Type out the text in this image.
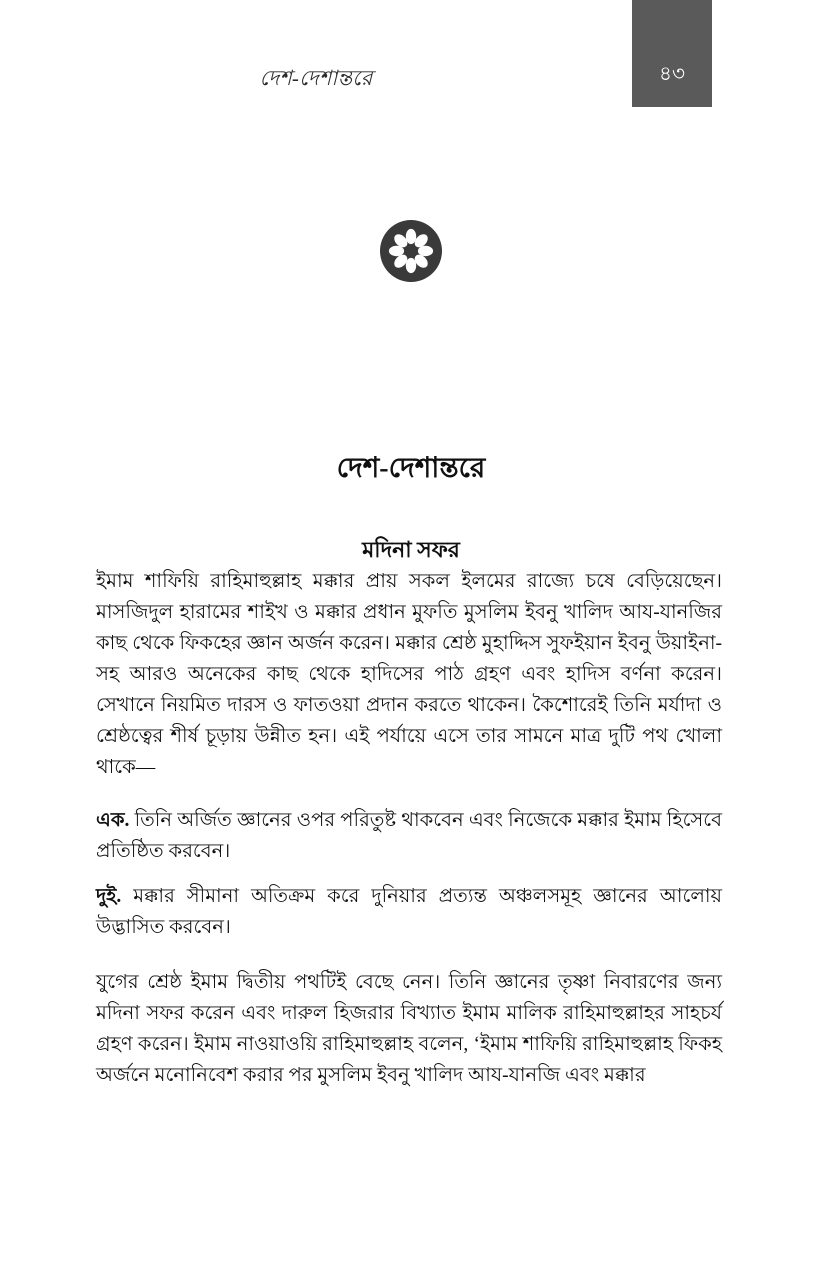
দেশ-দেশান্তরে	৪৩
দেশ-দেশান্তরে
মদিনা সফর

ইমাম শাফিয়ি রাহিমাহুল্লাহ মক্কার প্রায় সকল ইলমের রাজ্যে চষে বেড়িয়েছেন। মাসজিদুল হারামের শাইখ ও মক্কার প্রধান মুফতি মুসলিম ইবনু খালিদ আয-যানজির কাছ থেকে ফিকহের জ্ঞান অর্জন করেন। মক্কার শ্রেষ্ঠ মুহাদ্দিস সুফইয়ান ইবনু উয়াইনা-সহ আরও অনেকের কাছ থেকে হাদিসের পাঠ গ্রহণ এবং হাদিস বর্ণনা করেন। সেখানে নিয়মিত দারস ও ফাতওয়া প্রদান করতে থাকেন। কৈশোরেই তিনি মর্যাদা ও শ্রেষ্ঠত্বের শীর্ষ চূড়ায় উন্নীত হন। এই পর্যায়ে এসে তার সামনে মাত্র দুটি পথ খোলা থাকে—

এক. তিনি অর্জিত জ্ঞানের ওপর পরিতুষ্ট থাকবেন এবং নিজেকে মক্কার ইমাম হিসেবে প্রতিষ্ঠিত করবেন।

দুই. মক্কার সীমানা অতিক্রম করে দুনিয়ার প্রত্যন্ত অঞ্চলসমূহ জ্ঞানের আলোয় উদ্ভাসিত করবেন।

যুগের শ্রেষ্ঠ ইমাম দ্বিতীয় পথটিই বেছে নেন। তিনি জ্ঞানের তৃষ্ণা নিবারণের জন্য মদিনা সফর করেন এবং দারুল হিজরার বিখ্যাত ইমাম মালিক রাহিমাহুল্লাহর সাহচর্য গ্রহণ করেন। ইমাম নাওয়াওয়ি রাহিমাহুল্লাহ বলেন, ‘ইমাম শাফিয়ি রাহিমাহুল্লাহ ফিকহ অর্জনে মনোনিবেশ করার পর মুসলিম ইবনু খালিদ আয-যানজি এবং মক্কার
